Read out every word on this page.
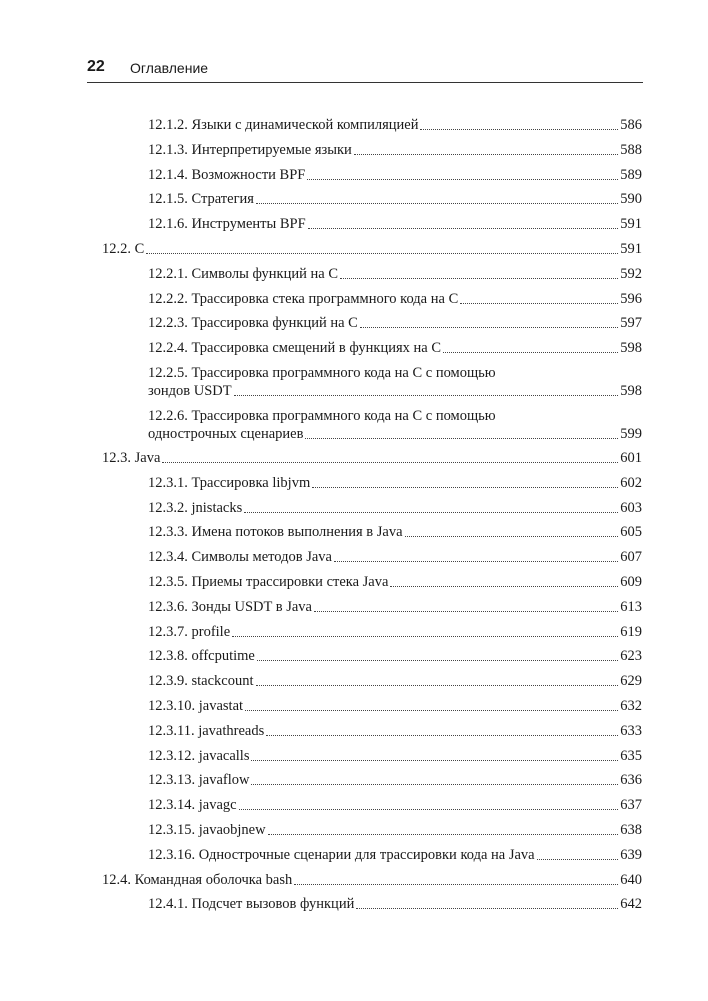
22 Оглавление
12.1.2. Языки с динамической компиляцией	586
12.1.3. Интерпретируемые языки	588
12.1.4. Возможности BPF	589
12.1.5. Стратегия	590
12.1.6. Инструменты BPF	591
12.2. C	591
12.2.1. Символы функций на C	592
12.2.2. Трассировка стека программного кода на C	596
12.2.3. Трассировка функций на C	597
12.2.4. Трассировка смещений в функциях на C	598
12.2.5. Трассировка программного кода на C с помощью
зондов USDT	598
12.2.6. Трассировка программного кода на C с помощью
однострочных сценариев	599
12.3. Java	601
12.3.1. Трассировка libjvm	602
12.3.2. jnistacks	603
12.3.3. Имена потоков выполнения в Java	605
12.3.4. Символы методов Java	607
12.3.5. Приемы трассировки стека Java	609
12.3.6. Зонды USDT в Java	613
12.3.7. profile	619
12.3.8. offcputime	623
12.3.9. stackcount	629
12.3.10. javastat	632
12.3.11. javathreads	633
12.3.12. javacalls	635
12.3.13. javaflow	636
12.3.14. javagc	637
12.3.15. javaobjnew	638
12.3.16. Однострочные сценарии для трассировки кода на Java	639
12.4. Командная оболочка bash	640
12.4.1. Подсчет вызовов функций	642
